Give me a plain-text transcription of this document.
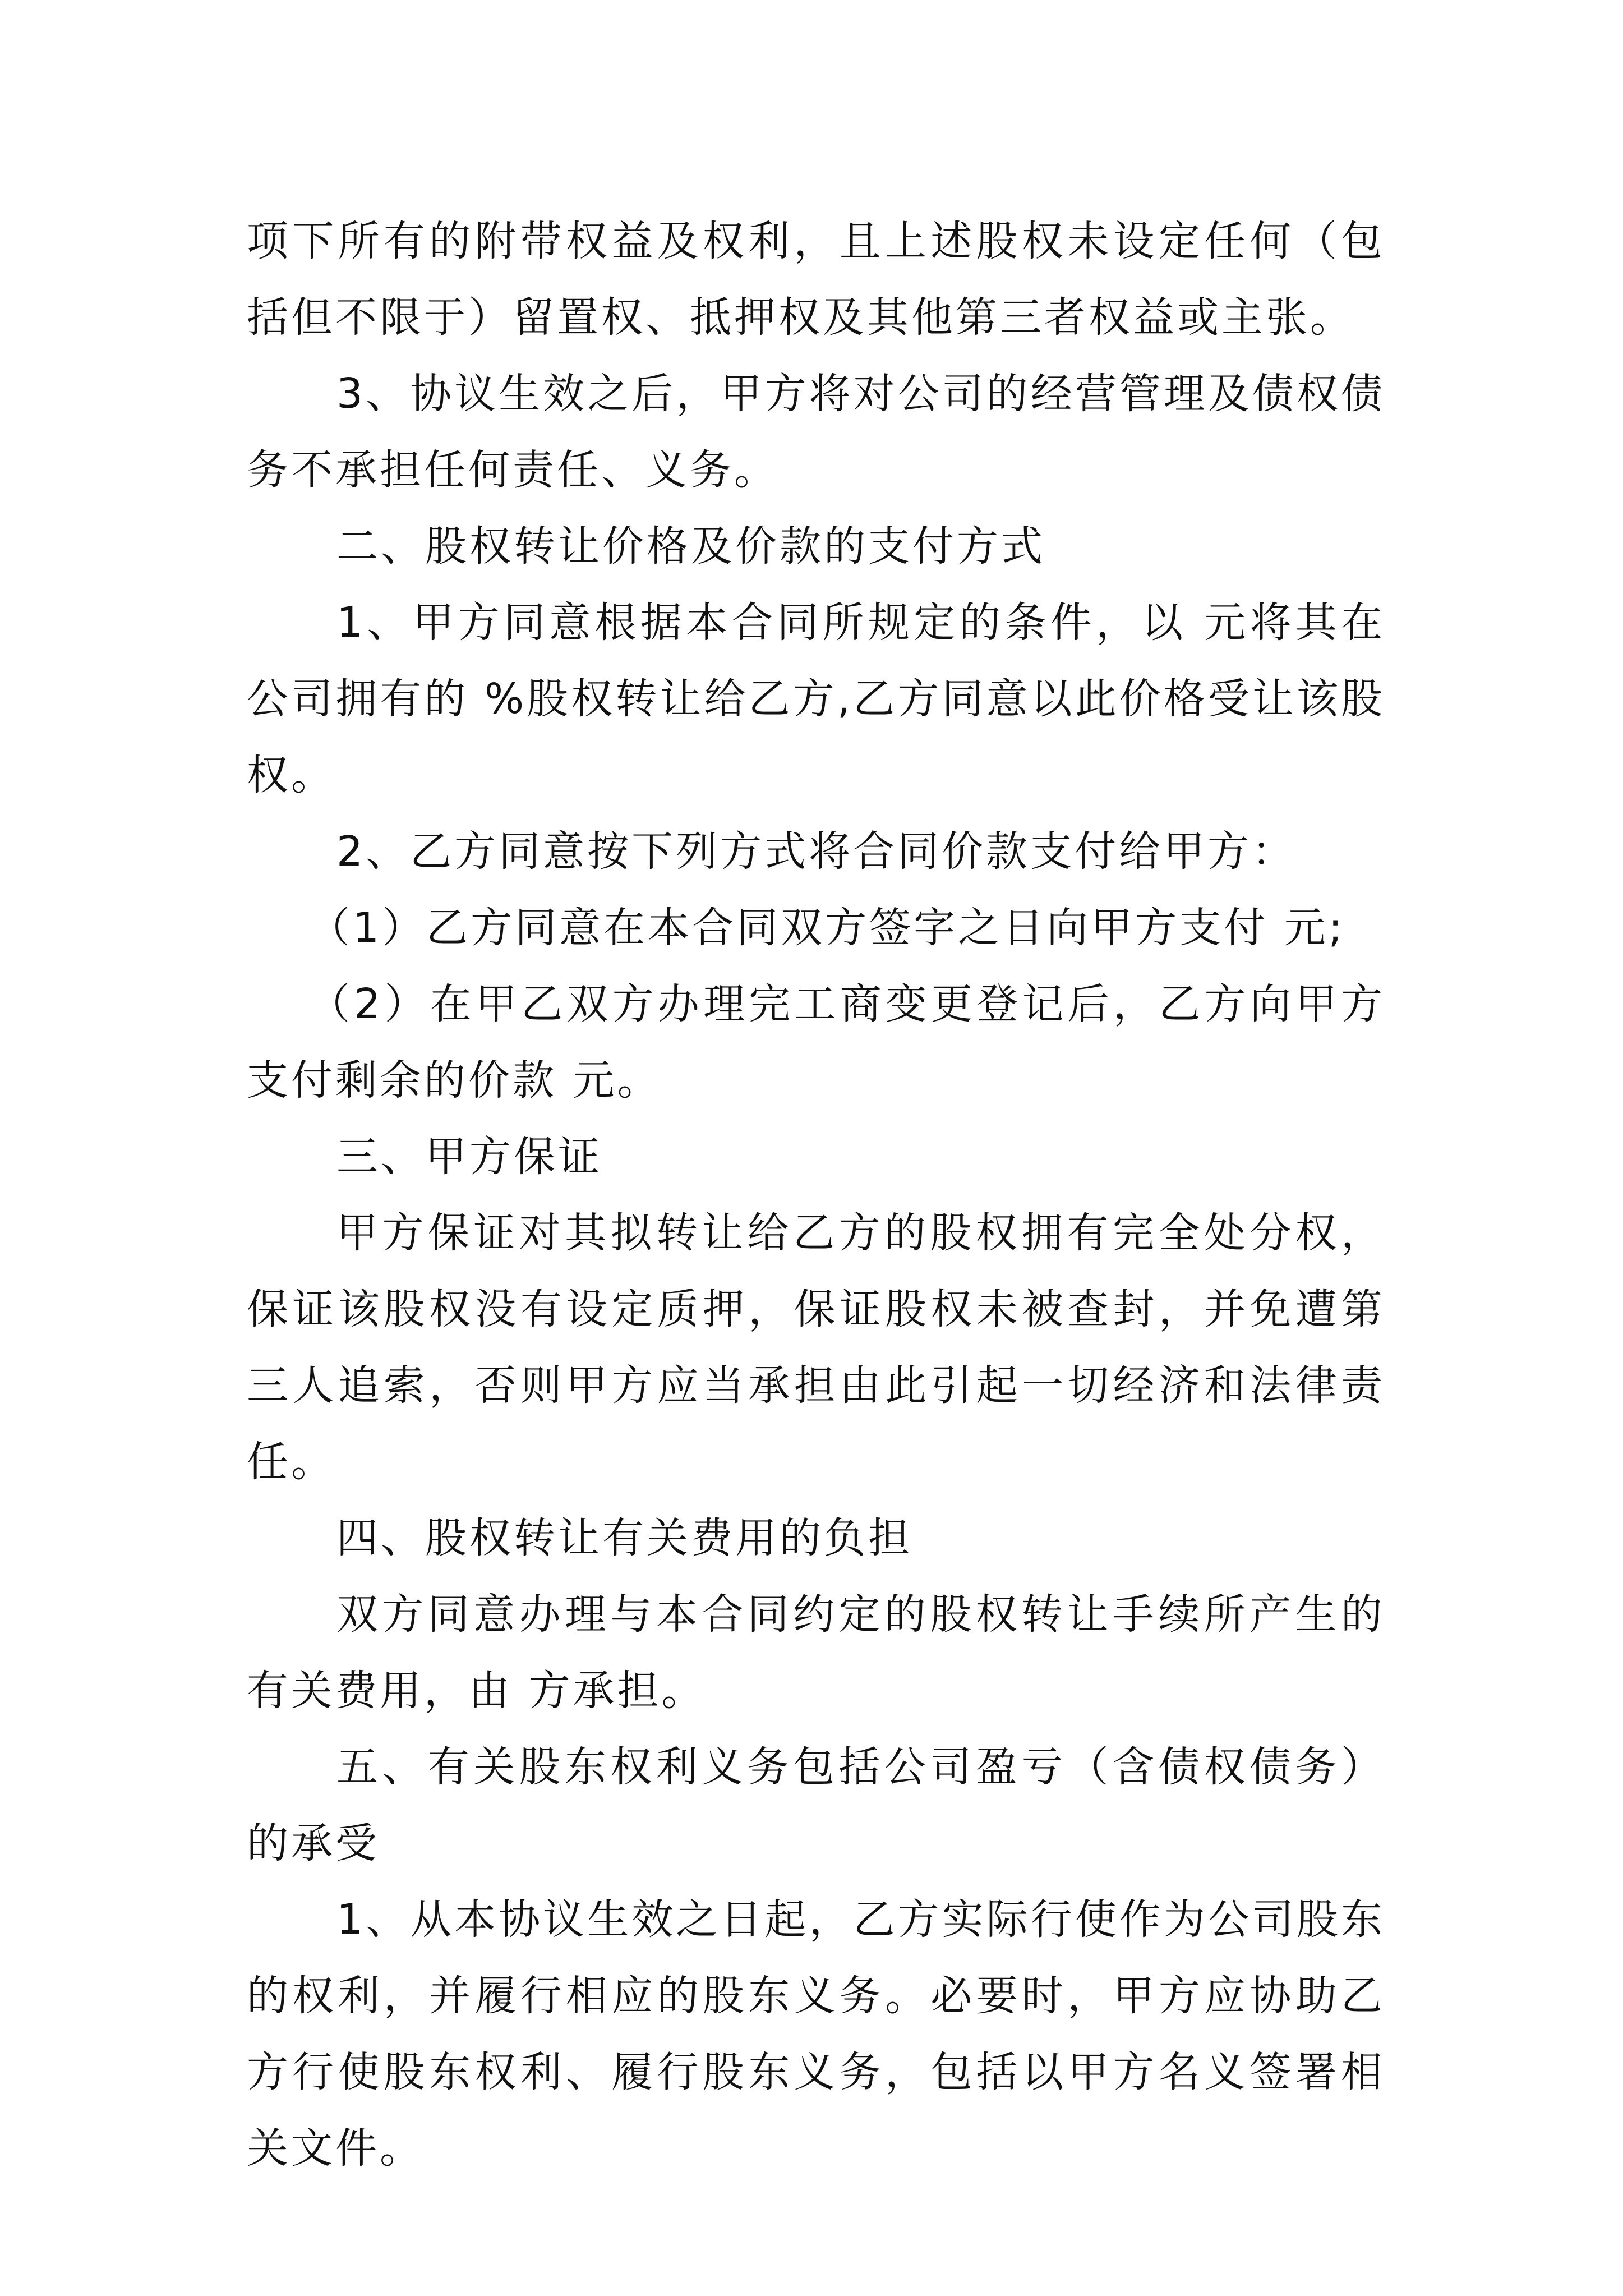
项下所有的附带权益及权利，且上述股权未设定任何（包括但不限于）留置权、抵押权及其他第三者权益或主张。

3、协议生效之后，甲方将对公司的经营管理及债权债务不承担任何责任、义务。

二、股权转让价格及价款的支付方式

1、甲方同意根据本合同所规定的条件，以 元将其在公司拥有的 %股权转让给乙方,乙方同意以此价格受让该股权。

2、乙方同意按下列方式将合同价款支付给甲方：

（1）乙方同意在本合同双方签字之日向甲方支付 元;

（2）在甲乙双方办理完工商变更登记后，乙方向甲方支付剩余的价款 元。

三、甲方保证

甲方保证对其拟转让给乙方的股权拥有完全处分权，保证该股权没有设定质押，保证股权未被查封，并免遭第三人追索，否则甲方应当承担由此引起一切经济和法律责任。

四、股权转让有关费用的负担

双方同意办理与本合同约定的股权转让手续所产生的有关费用，由 方承担。

五、有关股东权利义务包括公司盈亏（含债权债务）的承受

1、从本协议生效之日起，乙方实际行使作为公司股东的权利，并履行相应的股东义务。必要时，甲方应协助乙方行使股东权利、履行股东义务，包括以甲方名义签署相关文件。
